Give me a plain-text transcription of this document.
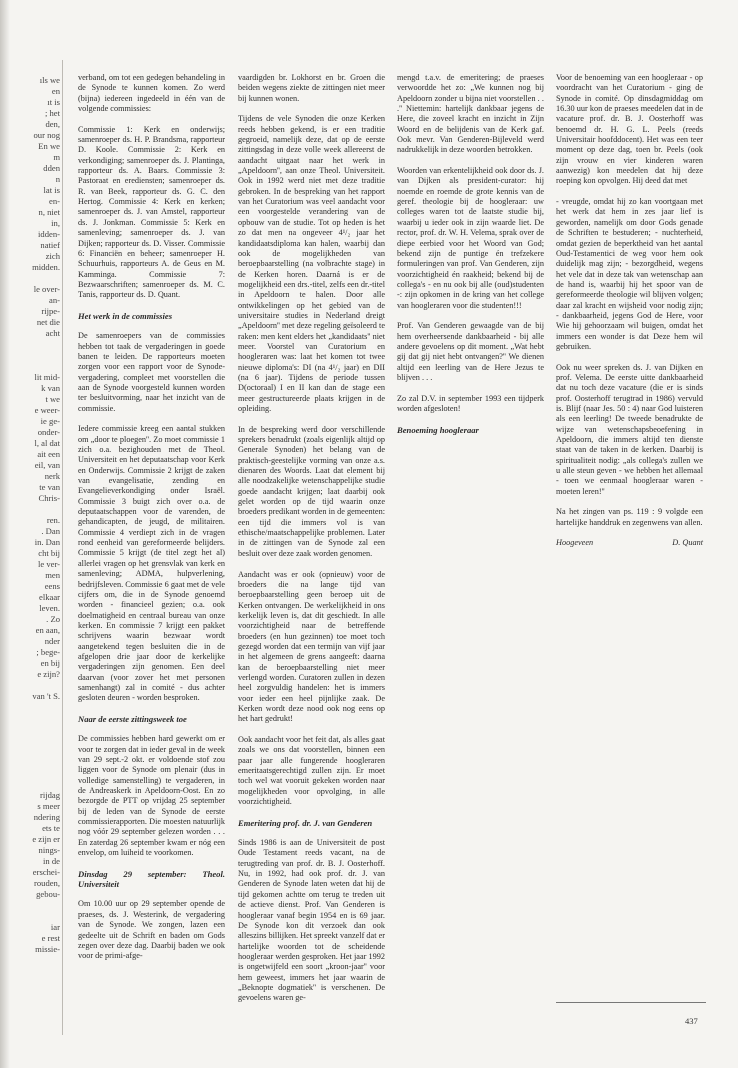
ıls we
en
ıt is
; het
den,
our nog
En we
m
dden
n
lat is
en-
n, niet
in,
idden-
natief
zich
midden.
le over-
an-
rijpe-
net die
acht
lit mid-
k van
t we
e weer-
ie ge-
onder-
l, al dat
ait een
eil, van
nerk
te van
Chris-
ren.
. Dan
in. Dan
cht bij
le ver-
men
eens
elkaar
leven.
. Zo
en aan,
nder
; bege-
en bij
e zijn?
van 't S.
rijdag
s meer
ndering
ets te
e zijn er
nings-
in de
erschei-
rouden,
gebou-
iar
e rest
missie-

verband, om tot een gedegen behandeling in de Synode te kunnen komen. Zo werd (bijna) iedereen ingedeeld in één van de volgende commissies:

Commissie 1: Kerk en onderwijs; samenroeper ds. H. P. Brandsma, rapporteur D. Koole. Commissie 2: Kerk en verkondiging; samenroeper ds. J. Plantinga, rapporteur ds. A. Baars. Commissie 3: Pastoraat en erediensten; samenroeper ds. R. van Beek, rapporteur ds. G. C. den Hertog. Commissie 4: Kerk en kerken; samenroeper ds. J. van Amstel, rapporteur ds. J. Jonkman. Commissie 5: Kerk en samenleving; samenroeper ds. J. van Dijken; rapporteur ds. D. Visser. Commissie 6: Financiën en beheer; samenroeper H. Schuurhuis, rapporteurs A. de Geus en M. Kamminga. Commissie 7: Bezwaarschriften; samenroeper ds. M. C. Tanis, rapporteur ds. D. Quant.

Het werk in de commissies

De samenroepers van de commissies hebben tot taak de vergaderingen in goede banen te leiden. De rapporteurs moeten zorgen voor een rapport voor de Synode-vergadering, compleet met voorstellen die aan de Synode voorgesteld kunnen worden ter besluitvorming, naar het inzicht van de commissie.

Iedere commissie kreeg een aantal stukken om „door te ploegen''. Zo moet commissie 1 zich o.a. bezighouden met de Theol. Universiteit en het deputaatschap voor Kerk en Onderwijs. Commissie 2 krijgt de zaken van evangelisatie, zending en Evangelieverkondiging onder Israël. Commissie 3 buigt zich over o.a. de deputaatschappen voor de varenden, de gehandicapten, de jeugd, de militairen. Commissie 4 verdiept zich in de vragen rond eenheid van gereformeerde belijders. Commissie 5 krijgt (de titel zegt het al) allerlei vragen op het grensvlak van kerk en samenleving; ADMA, hulpverlening, bedrijfsleven. Commissie 6 gaat met de vele cijfers om, die in de Synode genoemd worden - financieel gezien; o.a. ook doelmatigheid en centraal bureau van onze kerken. En commissie 7 krijgt een pakket schrijvens waarin bezwaar wordt aangetekend tegen besluiten die in de afgelopen drie jaar door de kerkelijke vergaderingen zijn genomen. Een deel daarvan (voor zover het met personen samenhangt) zal in comité - dus achter gesloten deuren - worden besproken.

Naar de eerste zittingsweek toe

De commissies hebben hard gewerkt om er voor te zorgen dat in ieder geval in de week van 29 sept.-2 okt. er voldoende stof zou liggen voor de Synode om plenair (dus in volledige samenstelling) te vergaderen, in de Andreaskerk in Apeldoorn-Oost. En zo bezorgde de PTT op vrijdag 25 september bij de leden van de Synode de eerste commissierapporten. Die moesten natuurlijk nog vóór 29 september gelezen worden . . . En zaterdag 26 september kwam er nóg een envelop, om luiheid te voorkomen.

Dinsdag 29 september: Theol. Universiteit

Om 10.00 uur op 29 september opende de praeses, ds. J. Westerink, de vergadering van de Synode. We zongen, lazen een gedeelte uit de Schrift en baden om Gods zegen over deze dag. Daarbij baden we ook voor de primi-afge-

vaardigden br. Lokhorst en br. Groen die beiden wegens ziekte de zittingen niet meer bij kunnen wonen.

Tijdens de vele Synoden die onze Kerken reeds hebben gekend, is er een traditie gegroeid, namelijk deze, dat op de eerste zittingsdag in deze volle week allereerst de aandacht uitgaat naar het werk in „Apeldoorn'', aan onze Theol. Universiteit. Ook in 1992 werd niet met deze traditie gebroken. In de bespreking van het rapport van het Curatorium was veel aandacht voor een voorgestelde verandering van de opbouw van de studie. Tot op heden is het zo dat men na ongeveer 4¹/₂ jaar het kandidaatsdiploma kan halen, waarbij dan ook de mogelijkheden van beroepbaarstelling (na volbrachte stage) in de Kerken horen. Daarná is er de mogelijkheid een drs.-titel, zelfs een dr.-titel in Apeldoorn te halen. Door alle ontwikkelingen op het gebied van de universitaire studies in Nederland dreigt „Apeldoorn'' met deze regeling geïsoleerd te raken: men kent elders het „kandidaats'' niet meer. Voorstel van Curatorium en hoogleraren was: laat het komen tot twee nieuwe diploma's: DI (na 4¹/₂ jaar) en DII (na 6 jaar). Tijdens de periode tussen D(octoraal) I en II kan dan de stage een meer gestructureerde plaats krijgen in de opleiding.

In de bespreking werd door verschillende sprekers benadrukt (zoals eigenlijk altijd op Generale Synoden) het belang van de praktisch-geestelijke vorming van onze a.s. dienaren des Woords. Laat dat element bij alle noodzakelijke wetenschappelijke studie goede aandacht krijgen; laat daarbij ook gelet worden op de tijd waarin onze broeders predikant worden in de gemeenten: een tijd die immers vol is van ethische/maatschappelijke problemen. Later in de zittingen van de Synode zal een besluit over deze zaak worden genomen.

Aandacht was er ook (opnieuw) voor de broeders die na lange tijd van beroepbaarstelling geen beroep uit de Kerken ontvangen. De werkelijkheid in ons kerkelijk leven is, dat dit geschiedt. In alle voorzichtigheid naar de betreffende broeders (en hun gezinnen) toe moet toch gezegd worden dat een termijn van vijf jaar in het algemeen de grens aangeeft: daarna kan de beroepbaarstelling niet meer verlengd worden. Curatoren zullen in dezen heel zorgvuldig handelen: het is immers voor ieder een heel pijnlijke zaak. De Kerken wordt deze nood ook nog eens op het hart gedrukt!

Ook aandacht voor het feit dat, als alles gaat zoals we ons dat voorstellen, binnen een paar jaar alle fungerende hoogleraren emeritaatsgerechtigd zullen zijn. Er moet toch wel wat vooruit gekeken worden naar mogelijkheden voor opvolging, in alle voorzichtigheid.

Emeritering prof. dr. J. van Genderen

Sinds 1986 is aan de Universiteit de post Oude Testament reeds vacant, na de terugtreding van prof. dr. B. J. Oosterhoff. Nu, in 1992, had ook prof. dr. J. van Genderen de Synode laten weten dat hij de tijd gekomen achtte om terug te treden uit de actieve dienst. Prof. Van Genderen is hoogleraar vanaf begin 1954 en is 69 jaar. De Synode kon dit verzoek dan ook alleszins billijken. Het spreekt vanzelf dat er hartelijke woorden tot de scheidende hoogleraar werden gesproken. Het jaar 1992 is ongetwijfeld een soort „kroon-jaar'' voor hem geweest, immers het jaar waarin de „Beknopte dogmatiek'' is verschenen. De gevoelens waren ge-

mengd t.a.v. de emeritering; de praeses verwoordde het zo: „We kunnen nog bij Apeldoorn zonder u bijna niet voorstellen . . .'' Niettemin: hartelijk dankbaar jegens de Here, die zoveel kracht en inzicht in Zijn Woord en de belijdenis van de Kerk gaf. Ook mevr. Van Genderen-Bijleveld werd nadrukkelijk in deze woorden betrokken.

Woorden van erkentelijkheid ook door ds. J. van Dijken als president-curator: hij noemde en roemde de grote kennis van de geref. theologie bij de hoogleraar: uw colleges waren tot de laatste studie bij, waarbij u ieder ook in zijn waarde liet. De rector, prof. dr. W. H. Velema, sprak over de diepe eerbied voor het Woord van God; bekend zijn de puntige én trefzekere formuleringen van prof. Van Genderen, zijn voorzichtigheid én raakheid; bekend bij de collega's - en nu ook bij alle (oud)studenten -: zijn opkomen in de kring van het college van hoogleraren voor die studenten!!!

Prof. Van Genderen gewaagde van de bij hem overheersende dankbaarheid - bij alle andere gevoelens op dit moment. „Wat hebt gij dat gij niet hebt ontvangen?'' We dienen altijd een leerling van de Here Jezus te blijven . . .

Zo zal D.V. in september 1993 een tijdperk worden afgesloten!

Benoeming hoogleraar

Voor de benoeming van een hoogleraar - op voordracht van het Curatorium - ging de Synode in comité. Op dinsdagmiddag om 16.30 uur kon de praeses meedelen dat in de vacature prof. dr. B. J. Oosterhoff was benoemd dr. H. G. L. Peels (reeds Universitair hoofddocent). Het was een teer moment op deze dag, toen br. Peels (ook zijn vrouw en vier kinderen waren aanwezig) kon meedelen dat hij deze roeping kon opvolgen. Hij deed dat met

- vreugde, omdat hij zo kan voortgaan met het werk dat hem in zes jaar lief is geworden, namelijk om door Gods genade de Schriften te bestuderen; - nuchterheid, omdat gezien de beperktheid van het aantal Oud-Testamentici de weg voor hem ook duidelijk mag zijn; - bezorgdheid, wegens het vele dat in deze tak van wetenschap aan de hand is, waarbij hij het spoor van de gereformeerde theologie wil blijven volgen; daar zal kracht en wijsheid voor nodig zijn; - dankbaarheid, jegens God de Here, voor Wie hij gehoorzaam wil buigen, omdat het immers een wonder is dat Deze hem wil gebruiken.

Ook nu weer spreken ds. J. van Dijken en prof. Velema. De eerste uitte dankbaarheid dat nu toch deze vacature (die er is sinds prof. Oosterhoff terugtrad in 1986) vervuld is. Blijf (naar Jes. 50 : 4) naar God luisteren als een leerling! De tweede benadrukte de wijze van wetenschapsbeoefening in Apeldoorn, die immers altijd ten dienste staat van de taken in de kerken. Daarbij is spiritualiteit nodig: „als collega's zullen we u alle steun geven - we hebben het allemaal - toen we eenmaal hoogleraar waren - moeten leren!''

Na het zingen van ps. 119 : 9 volgde een hartelijke handdruk en zegenwens van allen.

Hoogeveen	D. Quant
437
